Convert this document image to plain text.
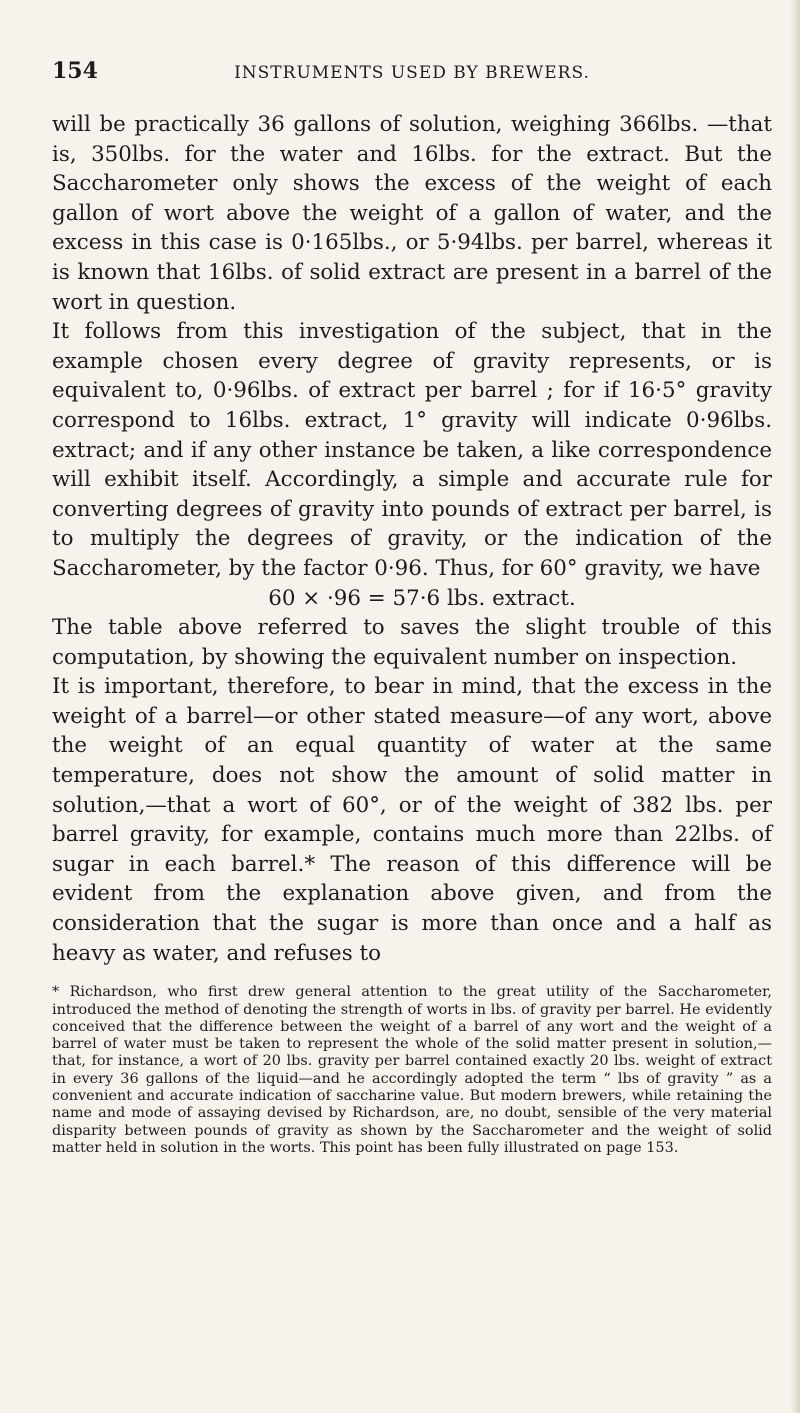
154	INSTRUMENTS USED BY BREWERS.

will be practically 36 gallons of solution, weighing 366lbs. —that is, 350lbs. for the water and 16lbs. for the extract. But the Saccharometer only shows the excess of the weight of each gallon of wort above the weight of a gallon of water, and the excess in this case is 0·165lbs., or 5·94lbs. per barrel, whereas it is known that 16lbs. of solid extract are present in a barrel of the wort in question.

It follows from this investigation of the subject, that in the example chosen every degree of gravity represents, or is equivalent to, 0·96lbs. of extract per barrel ; for if 16·5° gravity correspond to 16lbs. extract, 1° gravity will indicate 0·96lbs. extract; and if any other instance be taken, a like correspondence will exhibit itself. Accordingly, a simple and accurate rule for converting degrees of gravity into pounds of extract per barrel, is to multiply the degrees of gravity, or the indication of the Saccharometer, by the factor 0·96. Thus, for 60° gravity, we have

60 × ·96 = 57·6 lbs. extract.

The table above referred to saves the slight trouble of this computation, by showing the equivalent number on inspection.

It is important, therefore, to bear in mind, that the excess in the weight of a barrel—or other stated measure—of any wort, above the weight of an equal quantity of water at the same temperature, does not show the amount of solid matter in solution,—that a wort of 60°, or of the weight of 382 lbs. per barrel gravity, for example, contains much more than 22lbs. of sugar in each barrel.* The reason of this difference will be evident from the explanation above given, and from the consideration that the sugar is more than once and a half as heavy as water, and refuses to

* Richardson, who first drew general attention to the great utility of the Saccharometer, introduced the method of denoting the strength of worts in lbs. of gravity per barrel. He evidently conceived that the difference between the weight of a barrel of any wort and the weight of a barrel of water must be taken to represent the whole of the solid matter present in solution,—that, for instance, a wort of 20 lbs. gravity per barrel contained exactly 20 lbs. weight of extract in every 36 gallons of the liquid—and he accordingly adopted the term “ lbs of gravity ” as a convenient and accurate indication of saccharine value. But modern brewers, while retaining the name and mode of assaying devised by Richardson, are, no doubt, sensible of the very material disparity between pounds of gravity as shown by the Saccharometer and the weight of solid matter held in solution in the worts. This point has been fully illustrated on page 153.
